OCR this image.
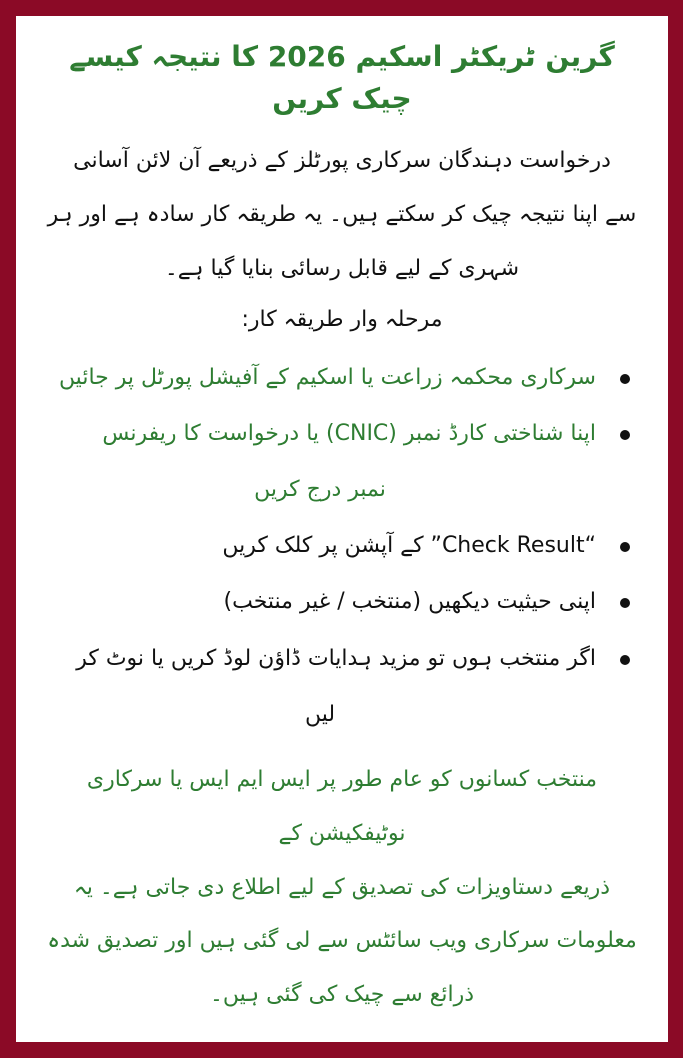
گرین ٹریکٹر اسکیم 2026 کا نتیجہ کیسے چیک کریں

درخواست دہندگان سرکاری پورٹلز کے ذریعے آن لائن آسانی
سے اپنا نتیجہ چیک کر سکتے ہیں۔ یہ طریقہ کار سادہ ہے اور ہر
شہری کے لیے قابل رسائی بنایا گیا ہے۔

مرحلہ وار طریقہ کار:

سرکاری محکمہ زراعت یا اسکیم کے آفیشل پورٹل پر جائیں
اپنا شناختی کارڈ نمبر (CNIC) یا درخواست کا ریفرنس
نمبر درج کریں
“Check Result” کے آپشن پر کلک کریں
اپنی حیثیت دیکھیں (منتخب / غیر منتخب)
اگر منتخب ہوں تو مزید ہدایات ڈاؤن لوڈ کریں یا نوٹ کر
لیں

منتخب کسانوں کو عام طور پر ایس ایم ایس یا سرکاری نوٹیفکیشن کے
ذریعے دستاویزات کی تصدیق کے لیے اطلاع دی جاتی ہے۔ یہ
معلومات سرکاری ویب سائٹس سے لی گئی ہیں اور تصدیق شدہ
ذرائع سے چیک کی گئی ہیں۔
